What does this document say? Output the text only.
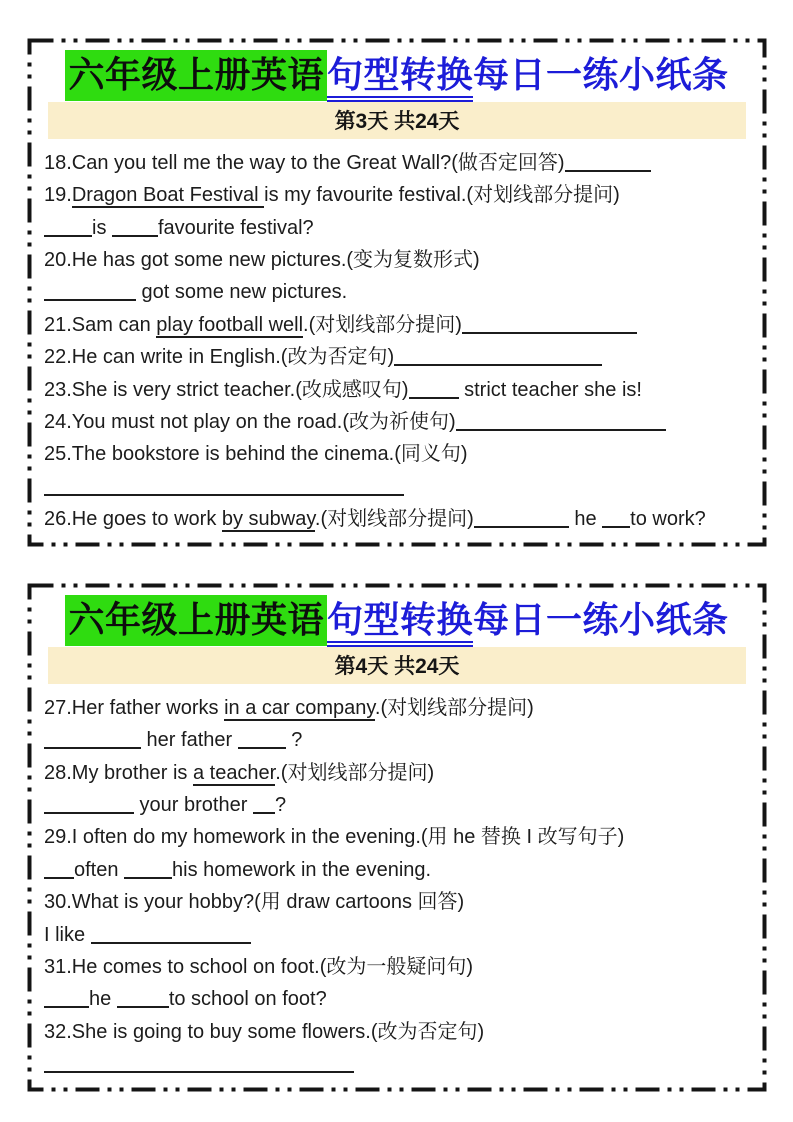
六年级上册英语句型转换每日一练小纸条
第3天 共24天

18.Can you tell me the way to the Great Wall?(做否定回答)

19.Dragon Boat Festival is my favourite festival.(对划线部分提问)

is favourite festival?

20.He has got some new pictures.(变为复数形式)

got some new pictures.

21.Sam can play football well.(对划线部分提问)

22.He can write in English.(改为否定句)

23.She is very strict teacher.(改成感叹句)	strict teacher she is!

24.You must not play on the road.(改为祈使句)

25.The bookstore is behind the cinema.(同义句)

26.He goes to work by subway.(对划线部分提问)	he to work?

六年级上册英语句型转换每日一练小纸条
第4天 共24天

27.Her father works in a car company.(对划线部分提问)

her father  ?

28.My brother is a teacher.(对划线部分提问)

your brother ?

29.I often do my homework in the evening.(用 he 替换 I 改写句子)

often his homework in the evening.

30.What is your hobby?(用 draw cartoons 回答)

I like

31.He comes to school on foot.(改为一般疑问句)

he	to school on foot?

32.She is going to buy some flowers.(改为否定句)
